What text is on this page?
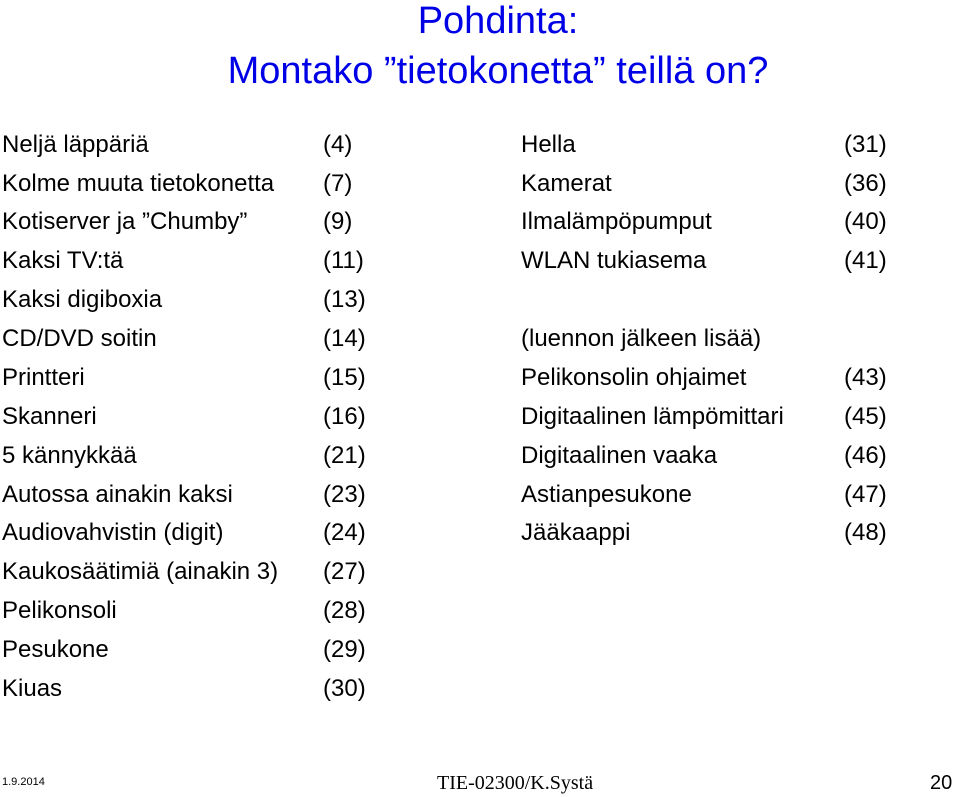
Pohdinta:
Montako ”tietokonetta” teillä on?
Neljä läppäriä	(4)
Kolme muuta tietokonetta (7)
Kotiserver ja ”Chumby”	(9)
Kaksi TV:tä	(11)
Kaksi digiboxia	(13)
CD/DVD soitin	(14)
Printteri	(15)
Skanneri	(16)
5 kännykkää	(21)
Autossa ainakin kaksi	(23)
Audiovahvistin (digit)	(24)
Kaukosäätimiä (ainakin 3) (27)
Pelikonsoli	(28)
Pesukone	(29)
Kiuas	(30)
Hella	(31)
Kamerat	(36)
Ilmalämpöpumput	(40)
WLAN tukiasema	(41)
(luennon jälkeen lisää)
Pelikonsolin ohjaimet	(43)
Digitaalinen lämpömittari	(45)
Digitaalinen vaaka	(46)
Astianpesukone	(47)
Jääkaappi	(48)
1.9.2014	TIE-02300/K.Systä	20
